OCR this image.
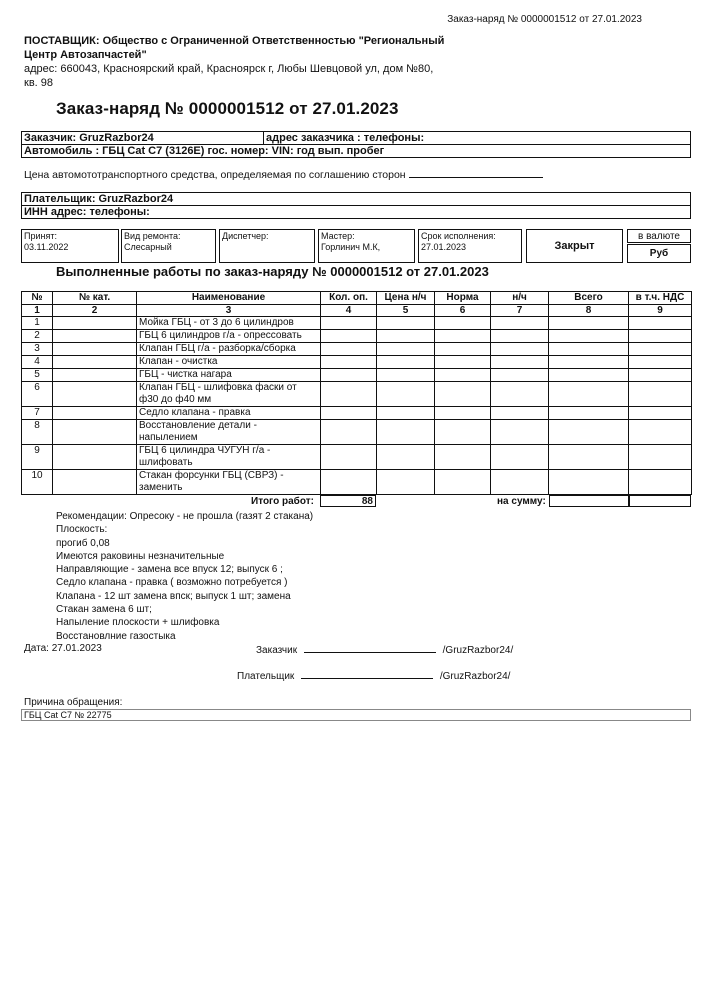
Заказ-наряд № 0000001512 от 27.01.2023
ПОСТАВЩИК: Общество с Ограниченной Ответственностью "Региональный Центр Автозапчастей"
адрес: 660043, Красноярский край, Красноярск г, Любы Шевцовой ул, дом №80,
кв. 98
Заказ-наряд № 0000001512 от 27.01.2023
Заказчик: GruzRazbor24	адрес заказчика : телефоны:
Автомобиль : ГБЦ Cat C7 (3126E) гос. номер: VIN: год вып. пробег
Цена автомототранспортного средства, определяемая по соглашению сторон
Плательщик: GruzRazbor24
ИНН адрес: телефоны:
Принят:
03.11.2022
Вид ремонта:
Слесарный
Диспетчер:	Мастер:
Горлинич М.К,
Срок исполнения:
27.01.2023	Закрыт
в валюте
Руб
Выполненные работы по заказ-наряду № 0000001512 от 27.01.2023
№	№ кат.	Наименование	Кол. оп.	Цена н/ч	Норма	н/ч	Всего	в т.ч. НДС
1	2	3	4	5	6	7	8	9
1		Мойка ГБЦ - от 3 до 6 цилиндров						
2		ГБЦ 6 цилиндров г/а - опрессовать						
3		Клапан ГБЦ г/а - разборка/сборка						
4		Клапан - очистка						
5		ГБЦ - чистка нагара						
6		Клапан ГБЦ - шлифовка фаски от ф30 до ф40 мм						
7		Седло клапана - правка						
8		Восстановление детали - напылением						
9		ГБЦ 6 цилиндра ЧУГУН г/а - шлифовать						
10		Стакан форсунки ГБЦ (СВРЗ) - заменить						
Итого работ:	88	на сумму:
Рекомендации: Опресоку - не прошла (газят 2 стакана)
Плоскость:
прогиб 0,08
Имеются раковины незначительные
Направляющие - замена все впуск 12; выпуск 6 ;
Седло клапана - правка ( возможно потребуется )
Клапана - 12 шт замена впск; выпуск 1 шт; замена
Стакан замена 6 шт;
Напыление плоскости + шлифовка
Восстановлние газостыка
Дата: 27.01.2023	Заказчик	/GruzRazbor24/
Плательщик	/GruzRazbor24/
Причина обращения:
ГБЦ Cat C7 № 22775
